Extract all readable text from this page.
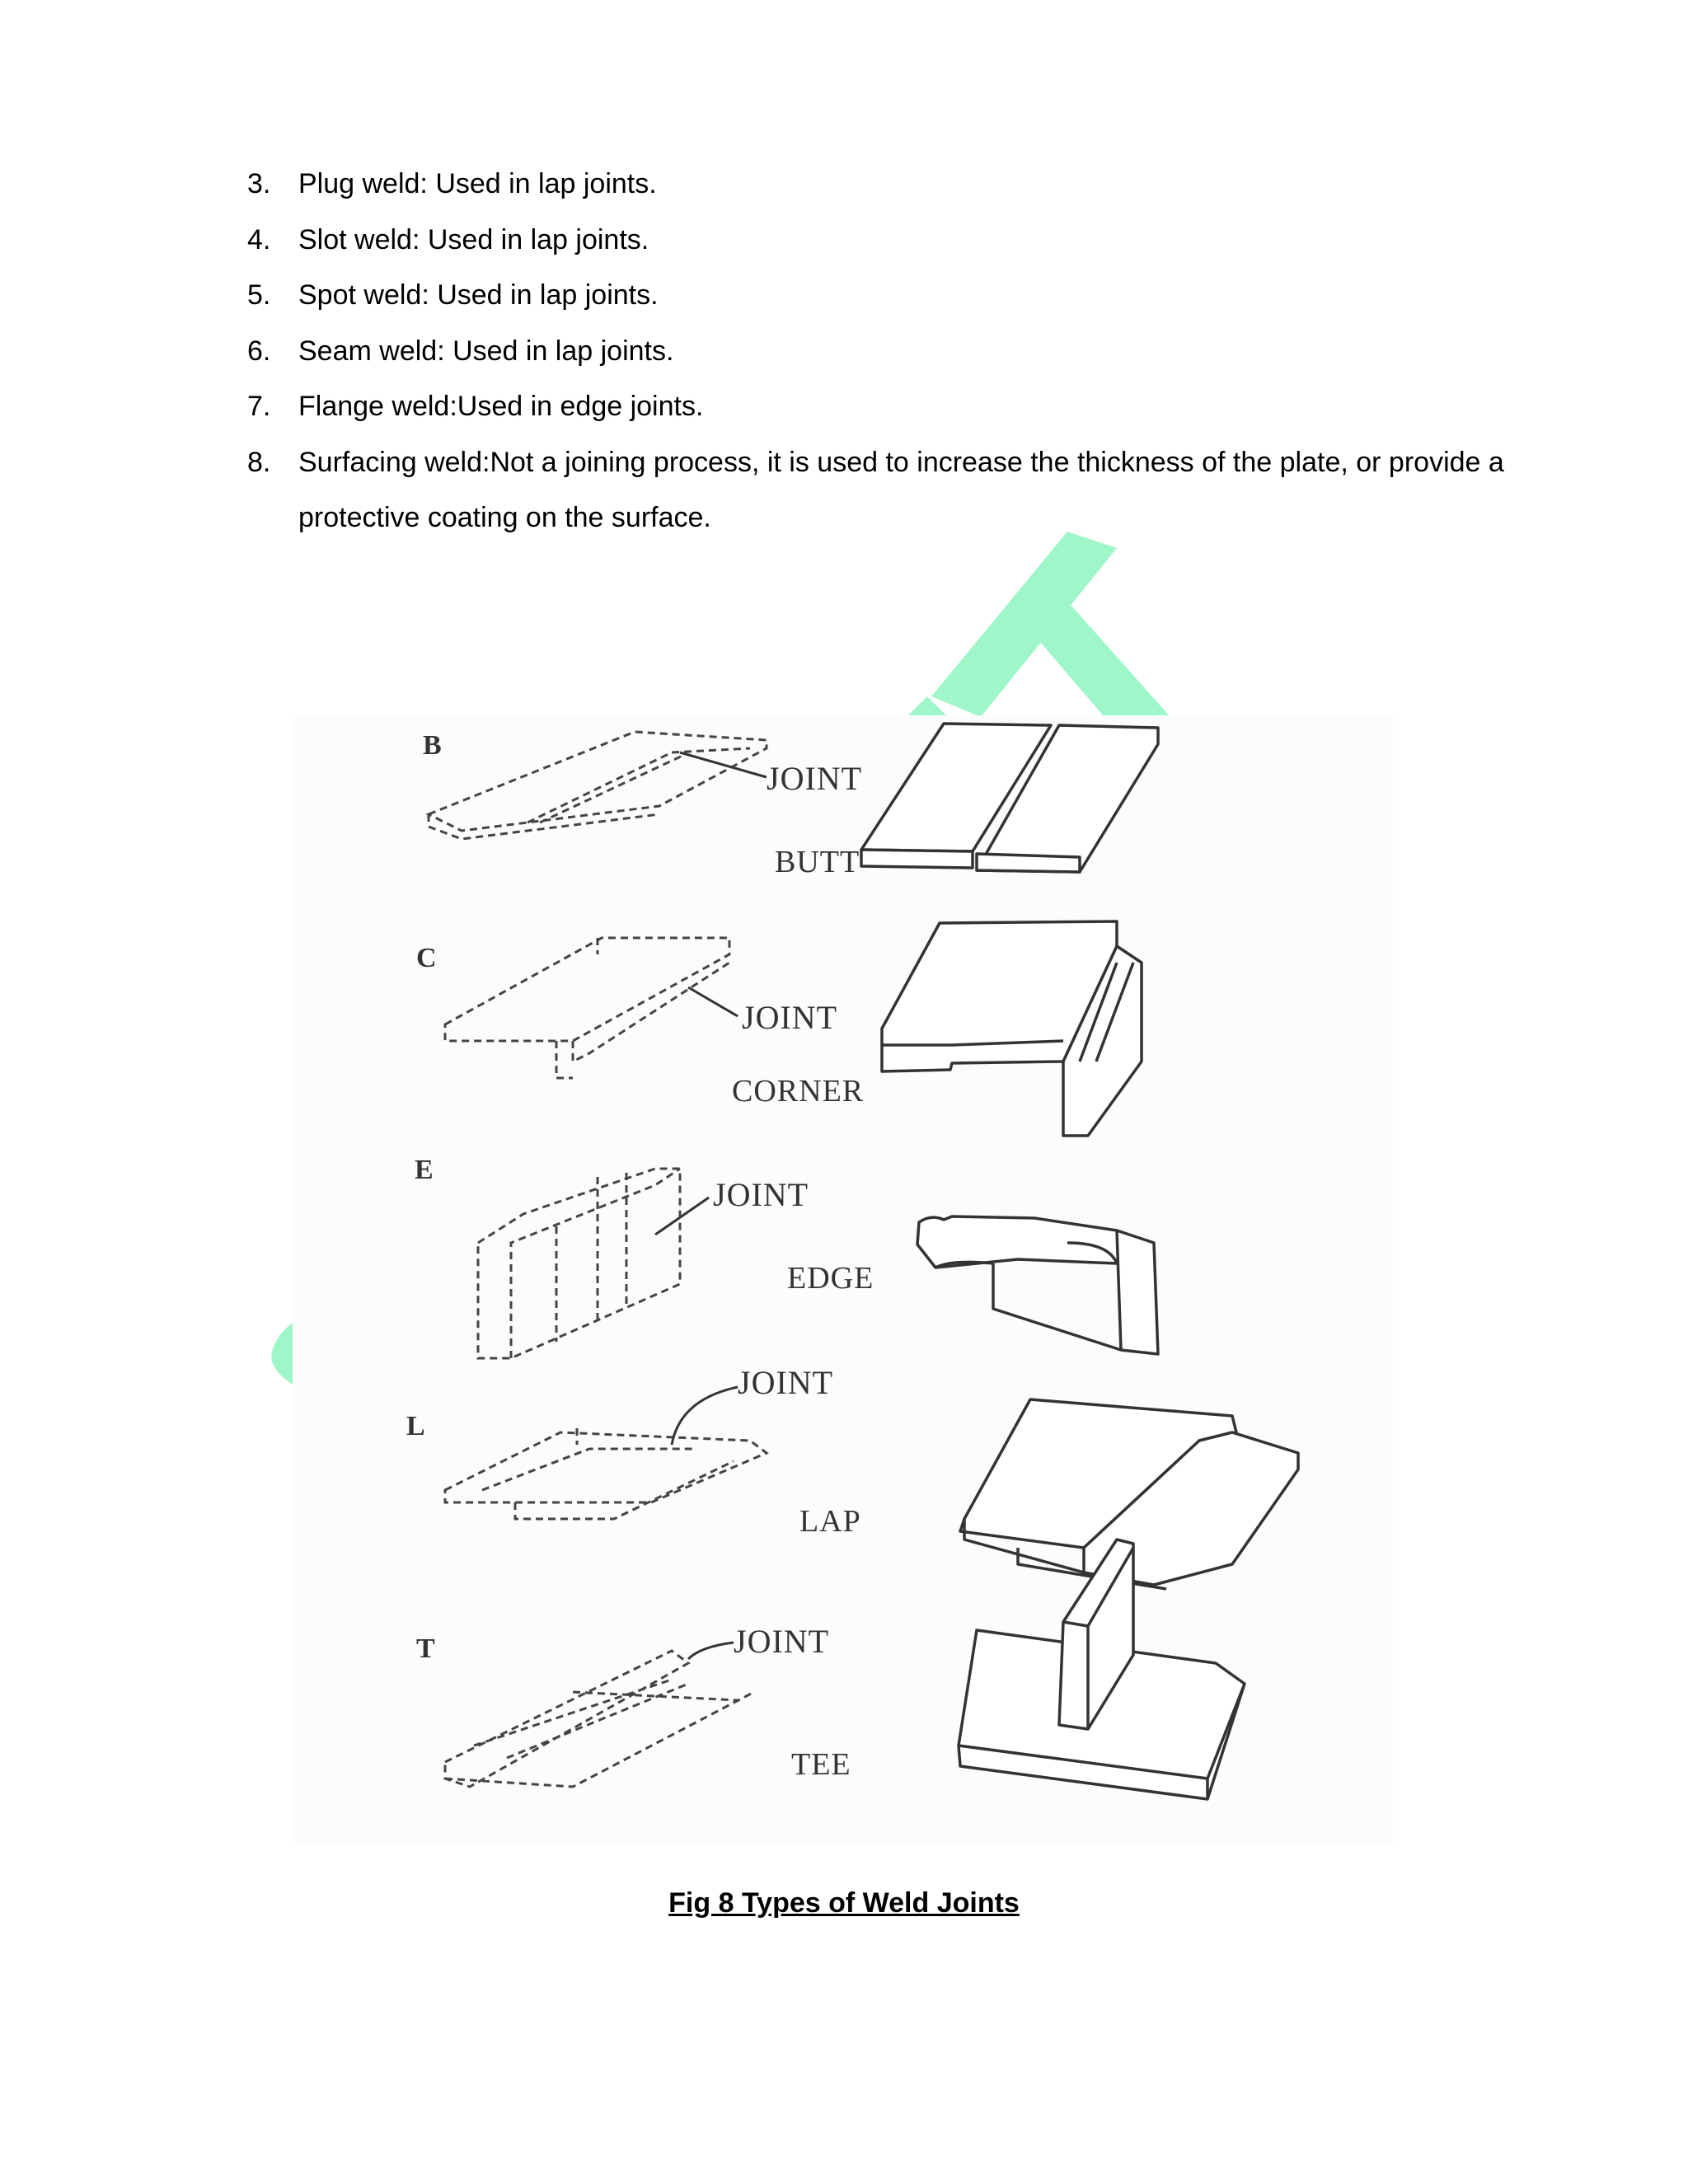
3. Plug weld: Used in lap joints.
4. Slot weld: Used in lap joints.
5. Spot weld: Used in lap joints.
6. Seam weld: Used in lap joints.
7. Flange weld:Used in edge joints.
8. Surfacing weld:Not a joining process, it is used to increase the thickness of the plate, or provide a protective coating on the surface.
B
JOINT
BUTT
C
JOINT
CORNER
E
JOINT
EDGE
L
JOINT
LAP
T	JOINT
TEE
Fig 8 Types of Weld Joints
